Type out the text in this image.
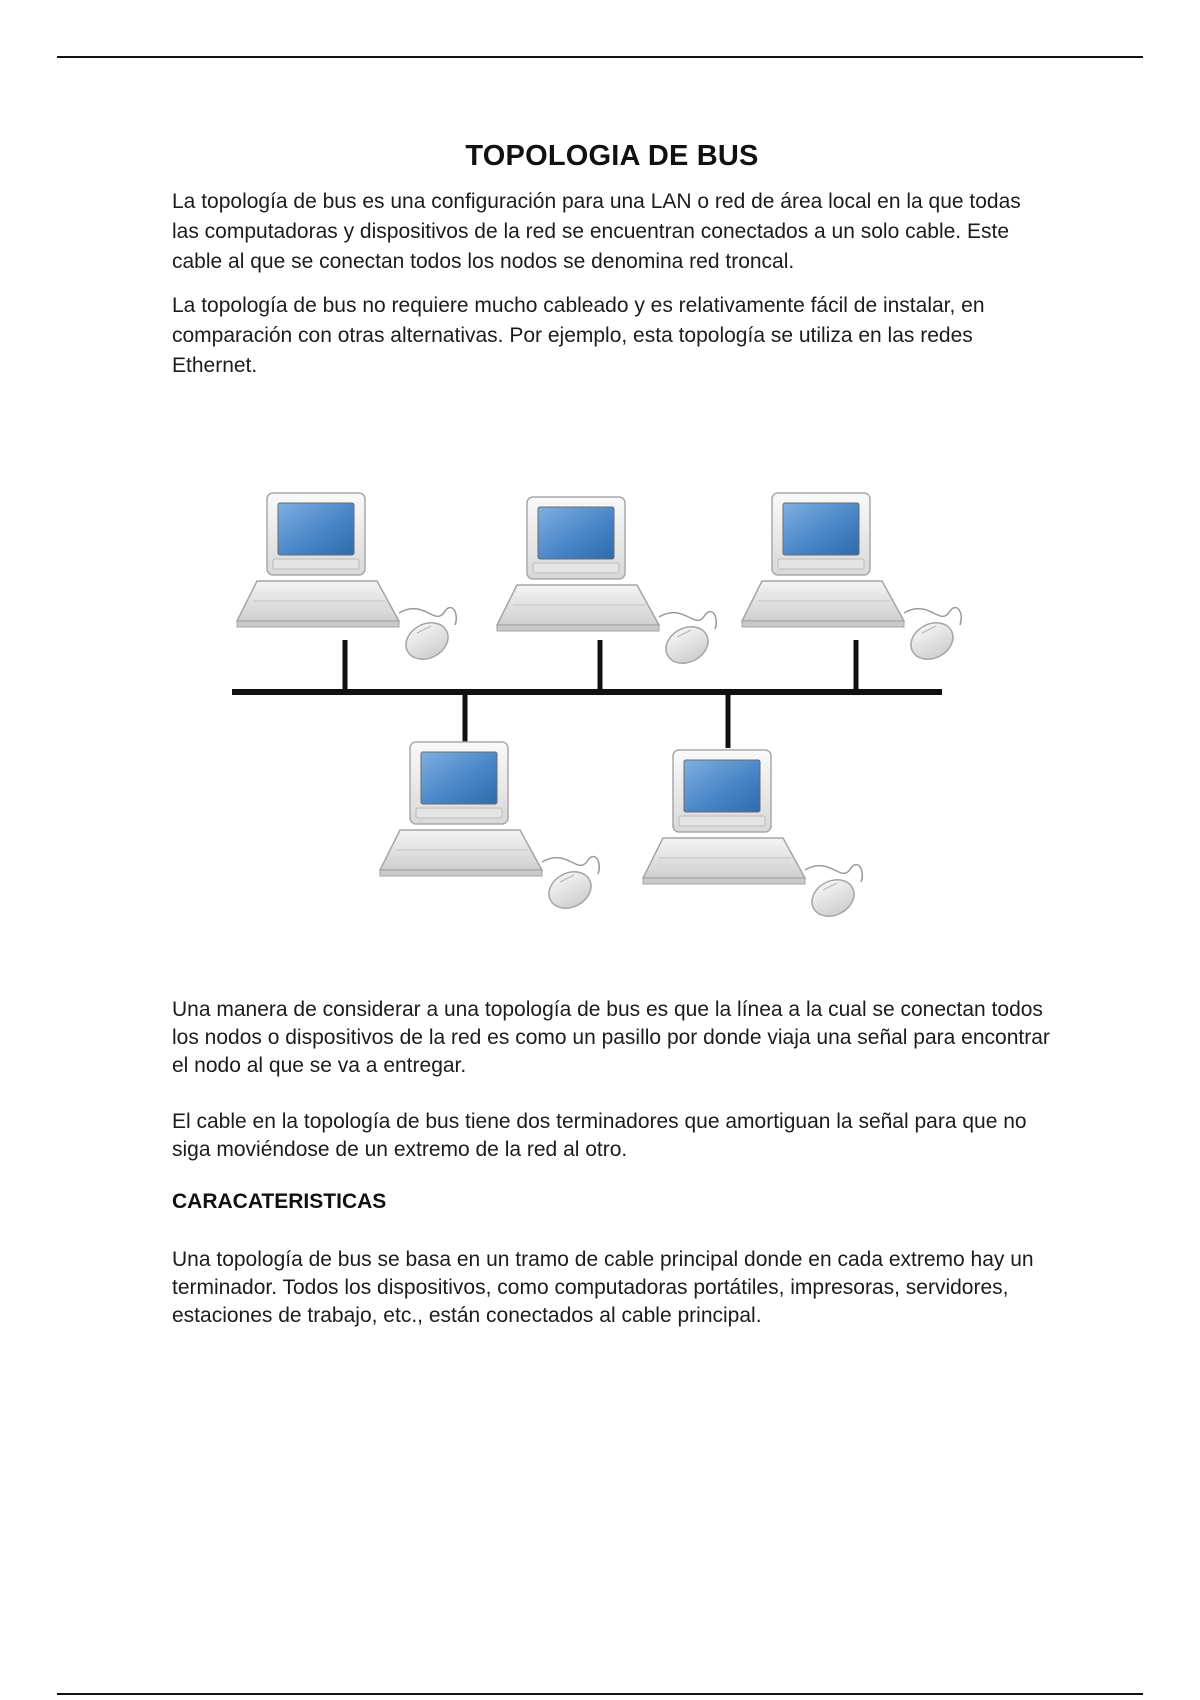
TOPOLOGIA DE BUS

La topología de bus es una configuración para una LAN o red de área local en la que todas las computadoras y dispositivos de la red se encuentran conectados a un solo cable. Este cable al que se conectan todos los nodos se denomina red troncal.

La topología de bus no requiere mucho cableado y es relativamente fácil de instalar, en comparación con otras alternativas. Por ejemplo, esta topología se utiliza en las redes Ethernet.

Una manera de considerar a una topología de bus es que la línea a la cual se conectan todos los nodos o dispositivos de la red es como un pasillo por donde viaja una señal para encontrar el nodo al que se va a entregar.

El cable en la topología de bus tiene dos terminadores que amortiguan la señal para que no siga moviéndose de un extremo de la red al otro.

CARACATERISTICAS

Una topología de bus se basa en un tramo de cable principal donde en cada extremo hay un terminador. Todos los dispositivos, como computadoras portátiles, impresoras, servidores, estaciones de trabajo, etc., están conectados al cable principal.
